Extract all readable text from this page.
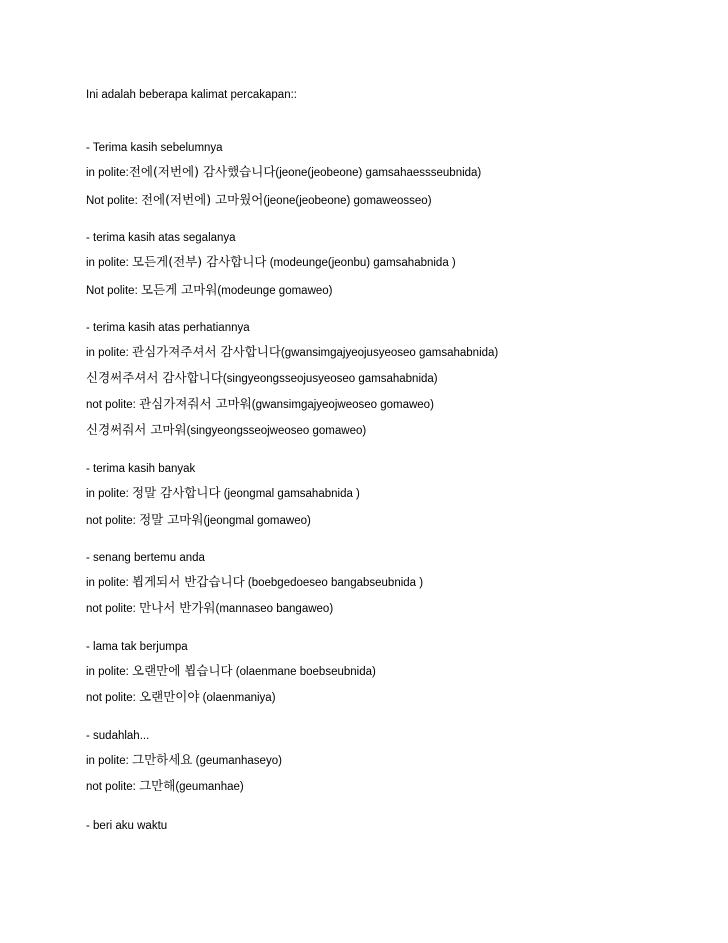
Ini adalah beberapa kalimat percakapan::
- Terima kasih sebelumnya
in polite:전에(저번에) 감사했습니다(jeone(jeobeone) gamsahaessseubnida)
Not polite: 전에(저번에) 고마웠어(jeone(jeobeone) gomaweosseo)
- terima kasih atas segalanya
in polite: 모든게(전부) 감사합니다 (modeunge(jeonbu) gamsahabnida )
Not polite: 모든게 고마워(modeunge gomaweo)
- terima kasih atas perhatiannya
in polite: 관심가져주셔서 감사합니다(gwansimgajyeojusyeoseo gamsahabnida)
신경써주셔서 감사합니다(singyeongsseojusyeoseo gamsahabnida)
not polite: 관심가져줘서 고마워(gwansimgajyeojweoseo gomaweo)
신경써줘서 고마워(singyeongsseojweoseo gomaweo)
- terima kasih banyak
in polite: 정말 감사합니다 (jeongmal gamsahabnida )
not polite: 정말 고마워(jeongmal gomaweo)
- senang bertemu anda
in polite: 뵙게되서 반갑습니다 (boebgedoeseo bangabseubnida )
not polite: 만나서 반가워(mannaseo bangaweo)
- lama tak berjumpa
in polite: 오랜만에 뵙습니다 (olaenmane boebseubnida)
not polite: 오랜만이야 (olaenmaniya)
- sudahlah...
in polite: 그만하세요 (geumanhaseyo)
not polite: 그만해(geumanhae)
- beri aku waktu
